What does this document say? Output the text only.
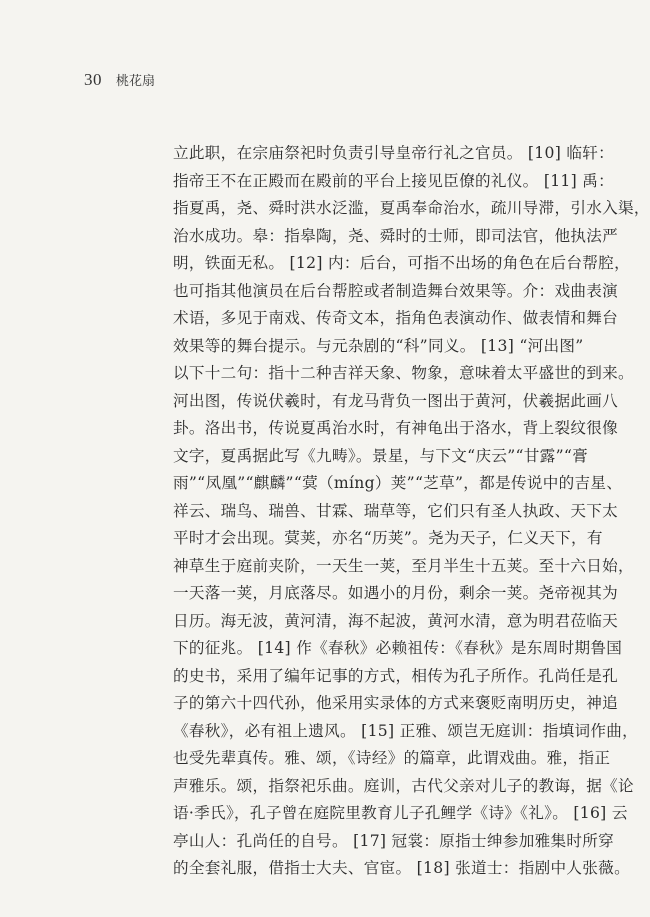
30 桃花扇
立此职，在宗庙祭祀时负责引导皇帝行礼之官员。 [10] 临轩：
指帝王不在正殿而在殿前的平台上接见臣僚的礼仪。 [11] 禹：
指夏禹，尧、舜时洪水泛滥，夏禹奉命治水，疏川导滞，引水入渠，
治水成功。皋：指皋陶，尧、舜时的士师，即司法官，他执法严
明，铁面无私。 [12] 内：后台，可指不出场的角色在后台帮腔，
也可指其他演员在后台帮腔或者制造舞台效果等。介：戏曲表演
术语，多见于南戏、传奇文本，指角色表演动作、做表情和舞台
效果等的舞台提示。与元杂剧的“科”同义。 [13] “河出图”
以下十二句：指十二种吉祥天象、物象，意味着太平盛世的到来。
河出图，传说伏羲时，有龙马背负一图出于黄河，伏羲据此画八
卦。洛出书，传说夏禹治水时，有神龟出于洛水，背上裂纹很像
文字，夏禹据此写《九畴》。景星，与下文“庆云”“甘露”“膏
雨”“凤凰”“麒麟”“蓂（míng）荚”“芝草”，都是传说中的吉星、
祥云、瑞鸟、瑞兽、甘霖、瑞草等，它们只有圣人执政、天下太
平时才会出现。蓂荚，亦名“历荚”。尧为天子，仁义天下，有
神草生于庭前夹阶，一天生一荚，至月半生十五荚。至十六日始，
一天落一荚，月底落尽。如遇小的月份，剩余一荚。尧帝视其为
日历。海无波，黄河清，海不起波，黄河水清，意为明君莅临天
下的征兆。 [14] 作《春秋》必赖祖传：《春秋》是东周时期鲁国
的史书，采用了编年记事的方式，相传为孔子所作。孔尚任是孔
子的第六十四代孙，他采用实录体的方式来褒贬南明历史，神追
《春秋》，必有祖上遗风。 [15] 正雅、颂岂无庭训：指填词作曲，
也受先辈真传。雅、颂，《诗经》的篇章，此谓戏曲。雅，指正
声雅乐。颂，指祭祀乐曲。庭训，古代父亲对儿子的教诲，据《论
语·季氏》，孔子曾在庭院里教育儿子孔鲤学《诗》《礼》。 [16] 云
亭山人：孔尚任的自号。 [17] 冠裳：原指士绅参加雅集时所穿
的全套礼服，借指士大夫、官宦。 [18] 张道士：指剧中人张薇。
